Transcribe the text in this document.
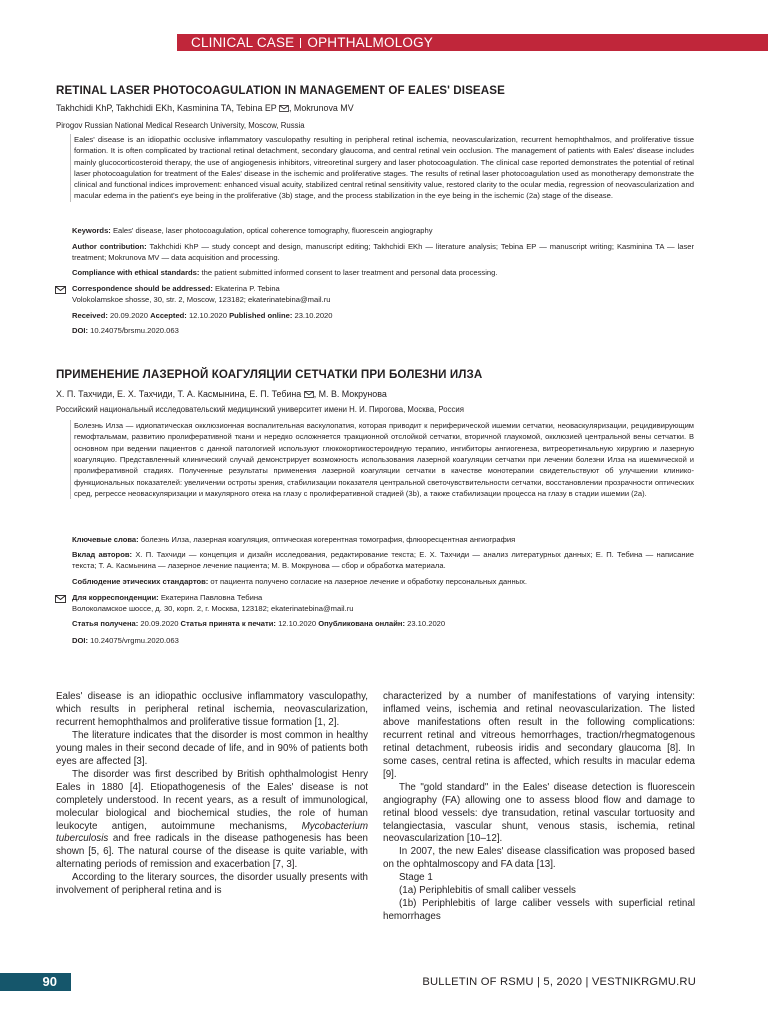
CLINICAL CASE OPHTHALMOLOGY
RETINAL LASER PHOTOCOAGULATION IN MANAGEMENT OF EALES' DISEASE
Takhchidi KhP, Takhchidi EKh, Kasminina TA, Tebina EP , Mokrunova MV
Pirogov Russian National Medical Research University, Moscow, Russia
Eales' disease is an idiopathic occlusive inflammatory vasculopathy resulting in peripheral retinal ischemia, neovascularization, recurrent hemophthalmos, and proliferative tissue formation. It is often complicated by tractional retinal detachment, secondary glaucoma, and central retinal vein occlusion. The management of patients with Eales' disease includes mainly glucocorticosteroid therapy, the use of angiogenesis inhibitors, vitreoretinal surgery and laser photocoagulation. The clinical case reported demonstrates the potential of retinal laser photocoagulation for treatment of the Eales' disease in the ischemic and proliferative stages. The results of retinal laser photocoagulation used as monotherapy demonstrate the clinical and functional indices improvement: enhanced visual acuity, stabilized central retinal sensitivity value, restored clarity to the ocular media, regression of neovascularization and macular edema in the patient's eye being in the proliferative (3b) stage, and the process stabilization in the eye being in the ischemic (2a) stage of the disease.
Keywords: Eales' disease, laser photocoagulation, optical coherence tomography, fluorescein angiography
Author contribution: Takhchidi KhP — study concept and design, manuscript editing; Takhchidi EKh — literature analysis; Tebina EP — manuscript writing; Kasminina TA — laser treatment; Mokrunova MV — data acquisition and processing.
Compliance with ethical standards: the patient submitted informed consent to laser treatment and personal data processing.
Correspondence should be addressed: Ekaterina P. Tebina
Volokolamskoe shosse, 30, str. 2, Moscow, 123182; ekaterinatebina@mail.ru
Received: 20.09.2020 Accepted: 12.10.2020 Published online: 23.10.2020
DOI: 10.24075/brsmu.2020.063
ПРИМЕНЕНИЕ ЛАЗЕРНОЙ КОАГУЛЯЦИИ СЕТЧАТКИ ПРИ БОЛЕЗНИ ИЛЗА
Х. П. Тахчиди, Е. Х. Тахчиди, Т. А. Касмынина, Е. П. Тебина , М. В. Мокрунова
Российский национальный исследовательский медицинский университет имени Н. И. Пирогова, Москва, Россия
Болезнь Илза — идиопатическая окклюзионная воспалительная васкулопатия, которая приводит к периферической ишемии сетчатки, неоваскуляризации, рецидивирующим гемофтальмам, развитию пролиферативной ткани и нередко осложняется тракционной отслойкой сетчатки, вторичной глаукомой, окклюзией центральной вены сетчатки. В основном при ведении пациентов с данной патологией используют глюкокортикостероидную терапию, ингибиторы ангиогенеза, витреоретинальную хирургию и лазерную коагуляцию. Представленный клинический случай демонстрирует возможность использования лазерной коагуляции сетчатки при лечении болезни Илза на ишемической и пролиферативной стадиях. Полученные результаты применения лазерной коагуляции сетчатки в качестве монотерапии свидетельствуют об улучшении клинико-функциональных показателей: увеличении остроты зрения, стабилизации показателя центральной светочувствительности сетчатки, восстановлении прозрачности оптических сред, регрессе неоваскуляризации и макулярного отека на глазу с пролиферативной стадией (3b), а также стабилизации процесса на глазу в стадии ишемии (2a).
Ключевые слова: болезнь Илза, лазерная коагуляция, оптическая когерентная томография, флюоресцентная ангиография
Вклад авторов: Х. П. Тахчиди — концепция и дизайн исследования, редактирование текста; Е. Х. Тахчиди — анализ литературных данных; Е. П. Тебина — написание текста; Т. А. Касмынина — лазерное лечение пациента; М. В. Мокрунова — сбор и обработка материала.
Соблюдение этических стандартов: от пациента получено согласие на лазерное лечение и обработку персональных данных.
Для корреспонденции: Екатерина Павловна Тебина
Волоколамское шоссе, д. 30, корп. 2, г. Москва, 123182; ekaterinatebina@mail.ru
Статья получена: 20.09.2020 Статья принята к печати: 12.10.2020 Опубликована онлайн: 23.10.2020
DOI: 10.24075/vrgmu.2020.063

Eales' disease is an idiopathic occlusive inflammatory vasculopathy, which results in peripheral retinal ischemia, neovascularization, recurrent hemophthalmos and proliferative tissue formation [1, 2].

The literature indicates that the disorder is most common in healthy young males in their second decade of life, and in 90% of patients both eyes are affected [3].

The disorder was first described by British ophthalmologist Henry Eales in 1880 [4]. Etiopathogenesis of the Eales' disease is not completely understood. In recent years, as a result of immunological, molecular biological and biochemical studies, the role of human leukocyte antigen, autoimmune mechanisms, Mycobacterium tuberculosis and free radicals in the disease pathogenesis has been shown [5, 6]. The natural course of the disease is quite variable, with alternating periods of remission and exacerbation [7, 3].

According to the literary sources, the disorder usually presents with involvement of peripheral retina and is

characterized by a number of manifestations of varying intensity: inflamed veins, ischemia and retinal neovascularization. The listed above manifestations often result in the following complications: recurrent retinal and vitreous hemorrhages, traction/rhegmatogenous retinal detachment, rubeosis iridis and secondary glaucoma [8]. In some cases, central retina is affected, which results in macular edema [9].

The "gold standard" in the Eales' disease detection is fluorescein angiography (FA) allowing one to assess blood flow and damage to retinal blood vessels: dye transudation, retinal vascular tortuosity and telangiectasia, vascular shunt, venous stasis, ischemia, retinal neovascularization [10–12].

In 2007, the new Eales' disease classification was proposed based on the ophtalmoscopy and FA data [13].

Stage 1

(1a) Periphlebitis of small caliber vessels

(1b) Periphlebitis of large caliber vessels with superficial retinal hemorrhages

90	BULLETIN OF RSMU | 5, 2020 | VESTNIKRGMU.RU
